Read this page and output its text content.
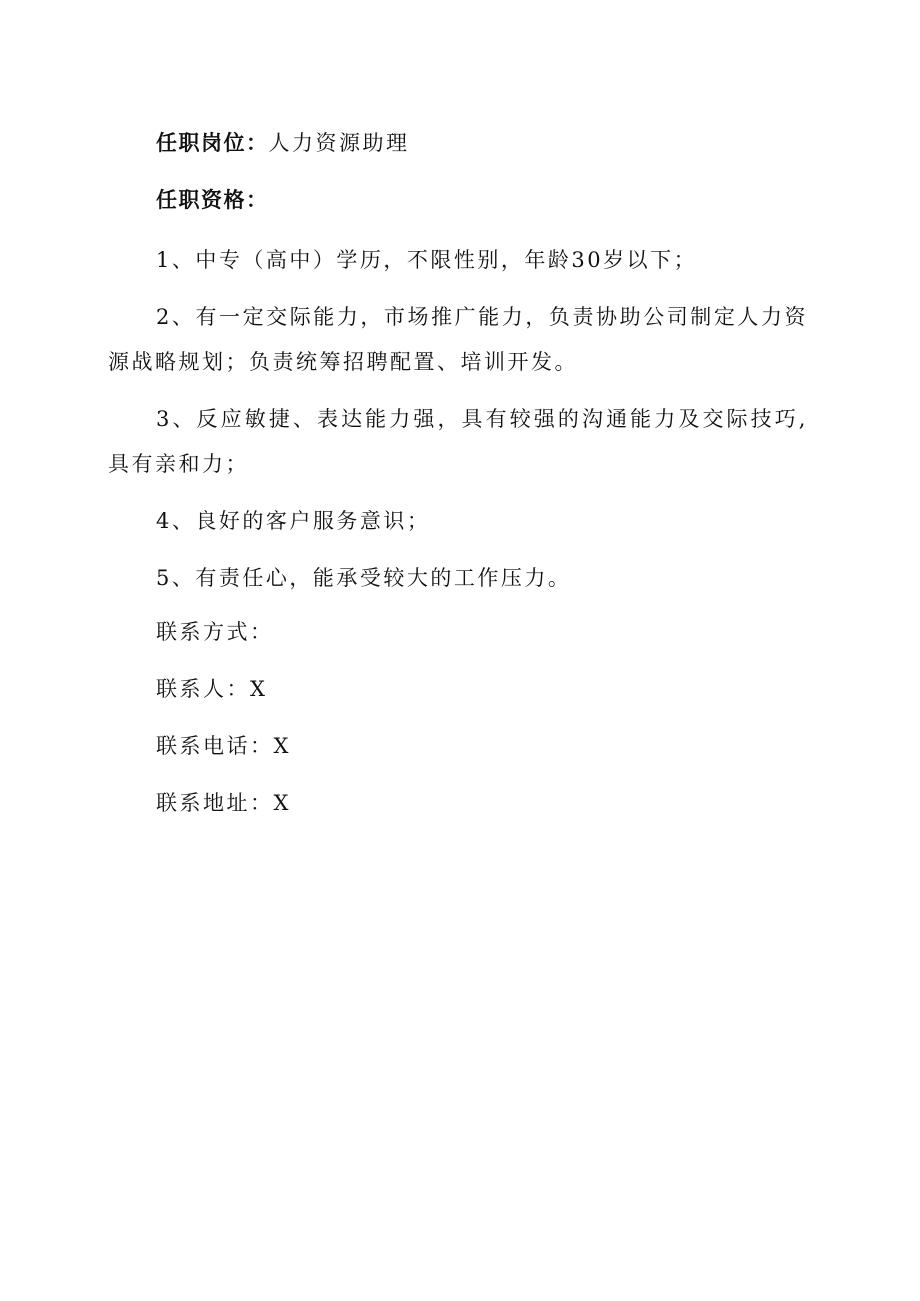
任职岗位：人力资源助理

任职资格：

1、中专（高中）学历，不限性别，年龄30岁以下；

2、有一定交际能力，市场推广能力，负责协助公司制定人力资源战略规划；负责统筹招聘配置、培训开发。

3、反应敏捷、表达能力强，具有较强的沟通能力及交际技巧,具有亲和力；

4、良好的客户服务意识；

5、有责任心，能承受较大的工作压力。

联系方式：

联系人：X

联系电话：X

联系地址：X
